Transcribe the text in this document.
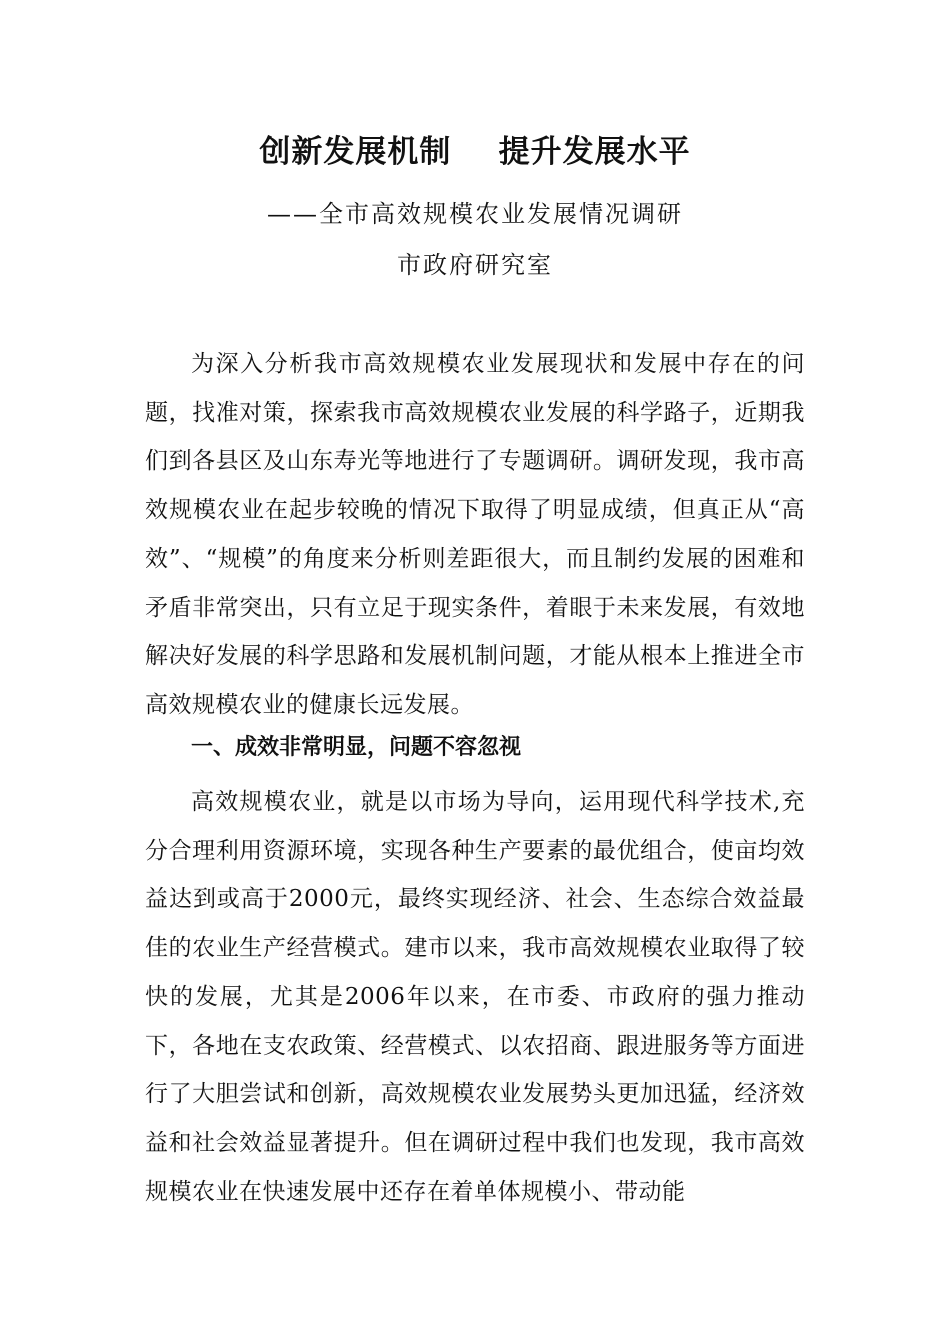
创新发展机制    提升发展水平
——全市高效规模农业发展情况调研
市政府研究室

为深入分析我市高效规模农业发展现状和发展中存在的问题，找准对策，探索我市高效规模农业发展的科学路子，近期我们到各县区及山东寿光等地进行了专题调研。调研发现，我市高效规模农业在起步较晚的情况下取得了明显成绩，但真正从“高效”、“规模”的角度来分析则差距很大，而且制约发展的困难和矛盾非常突出，只有立足于现实条件，着眼于未来发展，有效地解决好发展的科学思路和发展机制问题，才能从根本上推进全市高效规模农业的健康长远发展。

一、成效非常明显，问题不容忽视

高效规模农业，就是以市场为导向，运用现代科学技术,充分合理利用资源环境，实现各种生产要素的最优组合，使亩均效益达到或高于2000元，最终实现经济、社会、生态综合效益最佳的农业生产经营模式。建市以来，我市高效规模农业取得了较快的发展，尤其是2006年以来，在市委、市政府的强力推动下，各地在支农政策、经营模式、以农招商、跟进服务等方面进行了大胆尝试和创新，高效规模农业发展势头更加迅猛，经济效益和社会效益显著提升。但在调研过程中我们也发现，我市高效规模农业在快速发展中还存在着单体规模小、带动能
